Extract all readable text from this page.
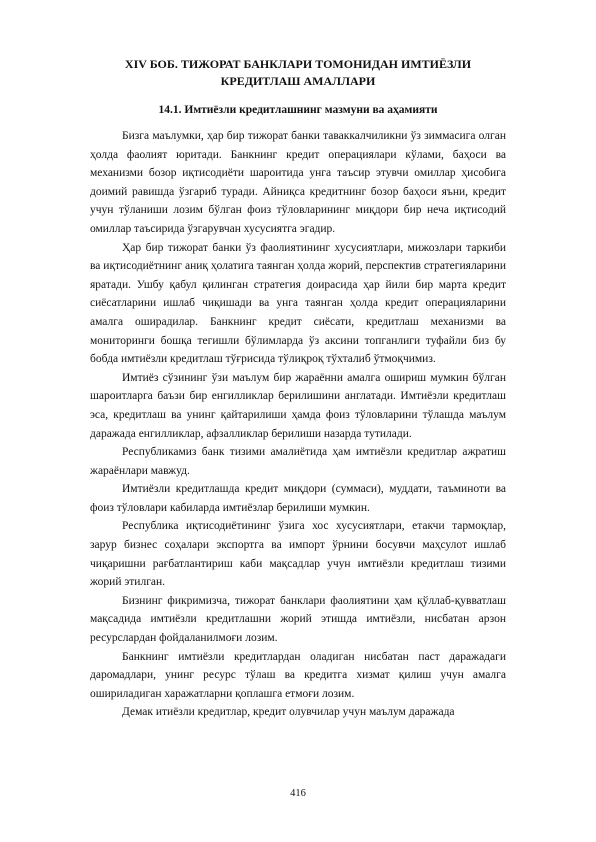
XIV БОБ. ТИЖОРАТ БАНКЛАРИ ТОМОНИДАН ИМТИЁЗЛИ КРЕДИТЛАШ АМАЛЛАРИ
14.1. Имтиёзли кредитлашнинг мазмуни ва аҳамияти

Бизга маълумки, ҳар бир тижорат банки таваккалчиликни ўз зиммасига олган ҳолда фаолият юритади. Банкнинг кредит операциялари кўлами, баҳоси ва механизми бозор иқтисодиёти шароитида унга таъсир этувчи омиллар ҳисобига доимий равишда ўзгариб туради. Айниқса кредитнинг бозор баҳоси яъни, кредит учун тўланиши лозим бўлган фоиз тўловларининг миқдори бир неча иқтисодий омиллар таъсирида ўзгарувчан хусусиятга эгадир.

Ҳар бир тижорат банки ўз фаолиятининг хусусиятлари, мижозлари таркиби ва иқтисодиётнинг аниқ ҳолатига таянган ҳолда жорий, перспектив стратегияларини яратади. Ушбу қабул қилинган стратегия доирасида ҳар йили бир марта кредит сиёсатларини ишлаб чиқишади ва унга таянган ҳолда кредит операцияларини амалга оширадилар. Банкнинг кредит сиёсати, кредитлаш механизми ва мониторинги бошқа тегишли бўлимларда ўз аксини топганлиги туфайли биз бу бобда имтиёзли кредитлаш тўғрисида тўлиқроқ тўхталиб ўтмоқчимиз.

Имтиёз сўзининг ўзи маълум бир жараённи амалга ошириш мумкин бўлган шароитларга баъзи бир енгилликлар берилишини англатади. Имтиёзли кредитлаш эса, кредитлаш ва унинг қайтарилиши ҳамда фоиз тўловларини тўлашда маълум даражада енгилликлар, афзалликлар берилиши назарда тутилади.

Республикамиз банк тизими амалиётида ҳам имтиёзли кредитлар ажратиш жараёнлари мавжуд.

Имтиёзли кредитлашда кредит миқдори (суммаси), муддати, таъминоти ва фоиз тўловлари кабиларда имтиёзлар берилиши мумкин.

Республика иқтисодиётининг ўзига хос хусусиятлари, етакчи тармоқлар, зарур бизнес соҳалари экспортга ва импорт ўрнини босувчи маҳсулот ишлаб чиқаришни рағбатлантириш каби мақсадлар учун имтиёзли кредитлаш тизими жорий этилган.

Бизнинг фикримизча, тижорат банклари фаолиятини ҳам қўллаб-қувватлаш мақсадида имтиёзли кредитлашни жорий этишда имтиёзли, нисбатан арзон ресурслардан фойдаланилмоғи лозим.

Банкнинг имтиёзли кредитлардан оладиган нисбатан паст даражадаги даромадлари, унинг ресурс тўлаш ва кредитга хизмат қилиш учун амалга ошириладиган харажатларни қоплашга етмоғи лозим.

Демак итиёзли кредитлар, кредит олувчилар учун маълум даражада

416
